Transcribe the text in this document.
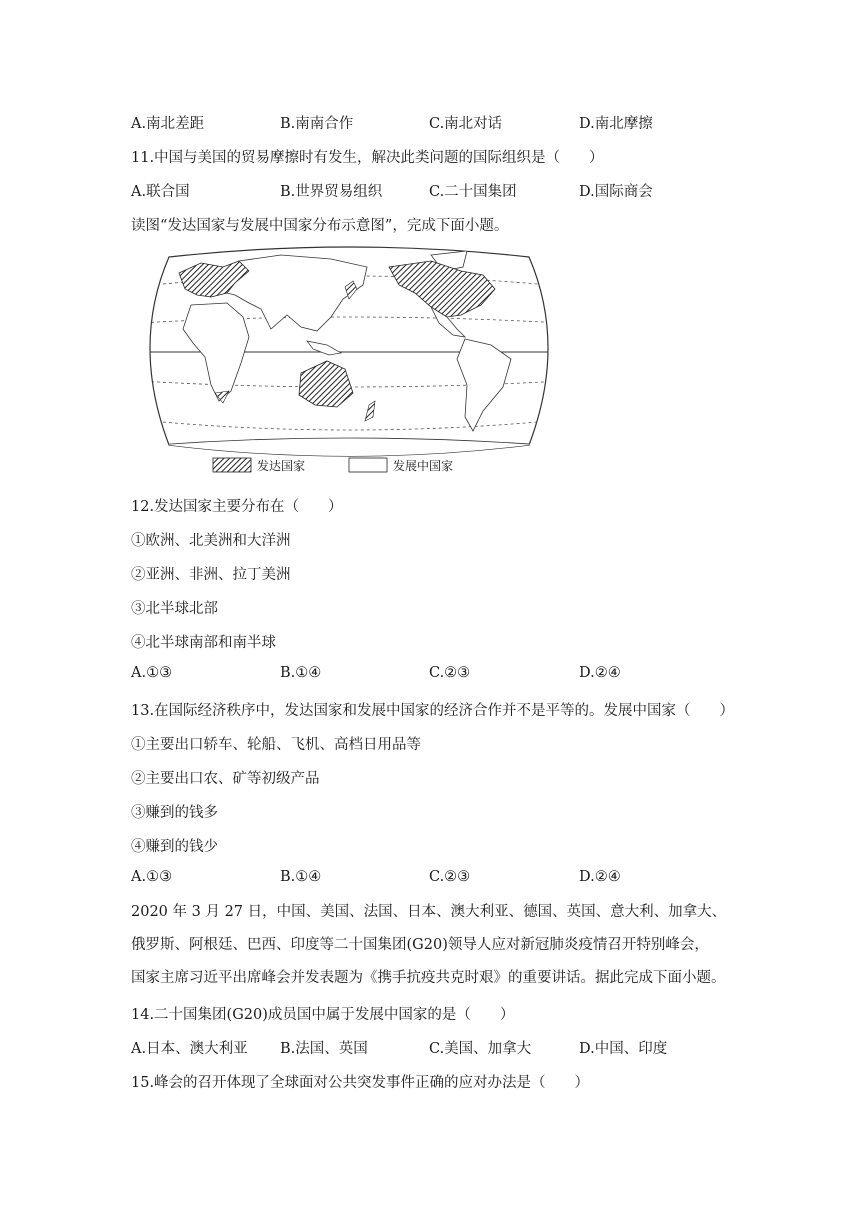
A.南北差距	B.南南合作	C.南北对话	D.南北摩擦
11.中国与美国的贸易摩擦时有发生，解决此类问题的国际组织是（　　）
A.联合国	B.世界贸易组织	C.二十国集团	D.国际商会
读图“发达国家与发展中国家分布示意图”，完成下面小题。
发达国家	发展中国家
12.发达国家主要分布在（　　）
①欧洲、北美洲和大洋洲
②亚洲、非洲、拉丁美洲
③北半球北部
④北半球南部和南半球
A.①③	B.①④	C.②③	D.②④
13.在国际经济秩序中，发达国家和发展中国家的经济合作并不是平等的。发展中国家（　　）
①主要出口轿车、轮船、飞机、高档日用品等
②主要出口农、矿等初级产品
③赚到的钱多
④赚到的钱少
A.①③	B.①④	C.②③	D.②④
2020 年 3 月 27 日，中国、美国、法国、日本、澳大利亚、德国、英国、意大利、加拿大、
俄罗斯、阿根廷、巴西、印度等二十国集团(G20)领导人应对新冠肺炎疫情召开特别峰会，
国家主席习近平出席峰会并发表题为《携手抗疫共克时艰》的重要讲话。据此完成下面小题。
14.二十国集团(G20)成员国中属于发展中国家的是（　　）
A.日本、澳大利亚 B.法国、英国	C.美国、加拿大	D.中国、印度
15.峰会的召开体现了全球面对公共突发事件正确的应对办法是（　　）
